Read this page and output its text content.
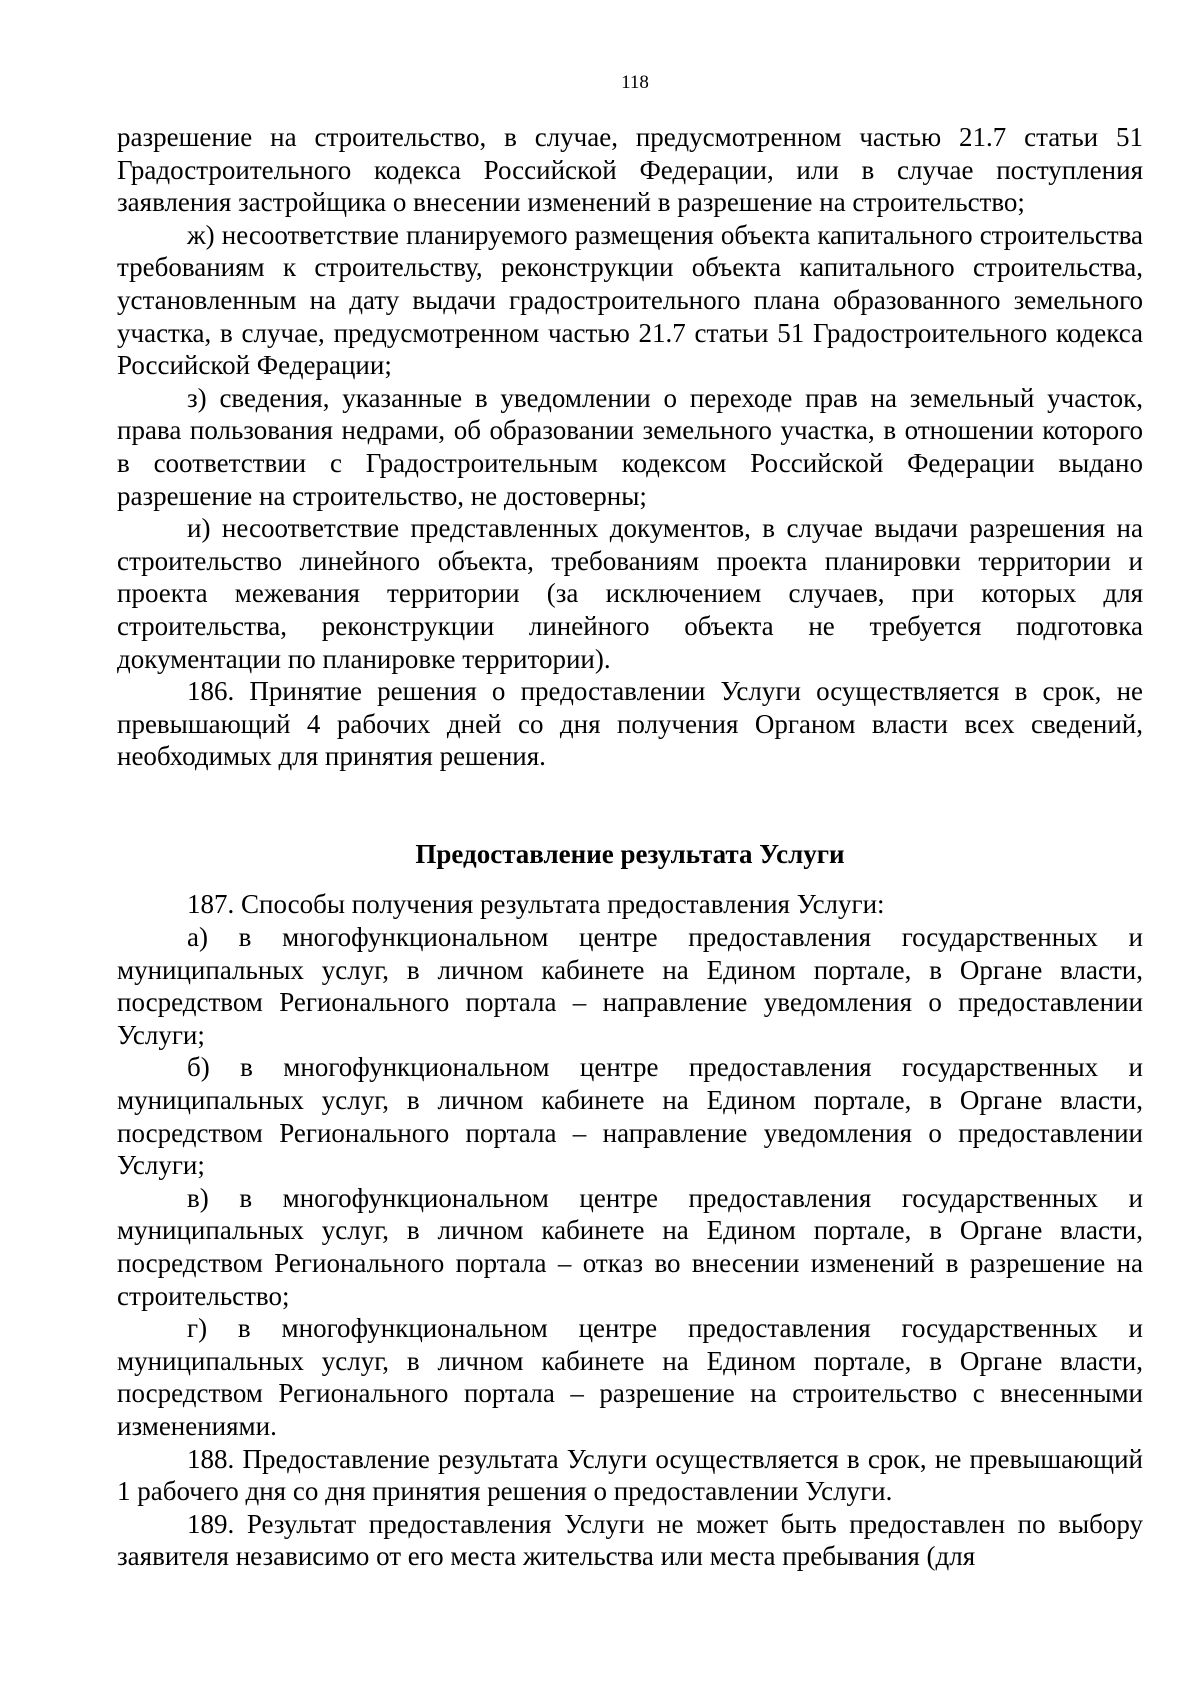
118

разрешение на строительство, в случае, предусмотренном частью 21.7 статьи 51 Градостроительного кодекса Российской Федерации, или в случае поступления заявления застройщика о внесении изменений в разрешение на строительство;

ж) несоответствие планируемого размещения объекта капитального строительства требованиям к строительству, реконструкции объекта капитального строительства, установленным на дату выдачи градостроительного плана образованного земельного участка, в случае, предусмотренном частью 21.7 статьи 51 Градостроительного кодекса Российской Федерации;

з) сведения, указанные в уведомлении о переходе прав на земельный участок, права пользования недрами, об образовании земельного участка, в отношении которого в соответствии с Градостроительным кодексом Российской Федерации выдано разрешение на строительство, не достоверны;

и) несоответствие представленных документов, в случае выдачи разрешения на строительство линейного объекта, требованиям проекта планировки территории и проекта межевания территории (за исключением случаев, при которых для строительства, реконструкции линейного объекта не требуется подготовка документации по планировке территории).

186. Принятие решения о предоставлении Услуги осуществляется в срок, не превышающий 4 рабочих дней со дня получения Органом власти всех сведений, необходимых для принятия решения.

Предоставление результата Услуги

187. Способы получения результата предоставления Услуги:

а) в многофункциональном центре предоставления государственных и муниципальных услуг, в личном кабинете на Едином портале, в Органе власти, посредством Регионального портала – направление уведомления о предоставлении Услуги;

б) в многофункциональном центре предоставления государственных и муниципальных услуг, в личном кабинете на Едином портале, в Органе власти, посредством Регионального портала – направление уведомления о предоставлении Услуги;

в) в многофункциональном центре предоставления государственных и муниципальных услуг, в личном кабинете на Едином портале, в Органе власти, посредством Регионального портала – отказ во внесении изменений в разрешение на строительство;

г) в многофункциональном центре предоставления государственных и муниципальных услуг, в личном кабинете на Едином портале, в Органе власти, посредством Регионального портала – разрешение на строительство с внесенными изменениями.

188. Предоставление результата Услуги осуществляется в срок, не превышающий 1 рабочего дня со дня принятия решения о предоставлении Услуги.

189. Результат предоставления Услуги не может быть предоставлен по выбору заявителя независимо от его места жительства или места пребывания (для
